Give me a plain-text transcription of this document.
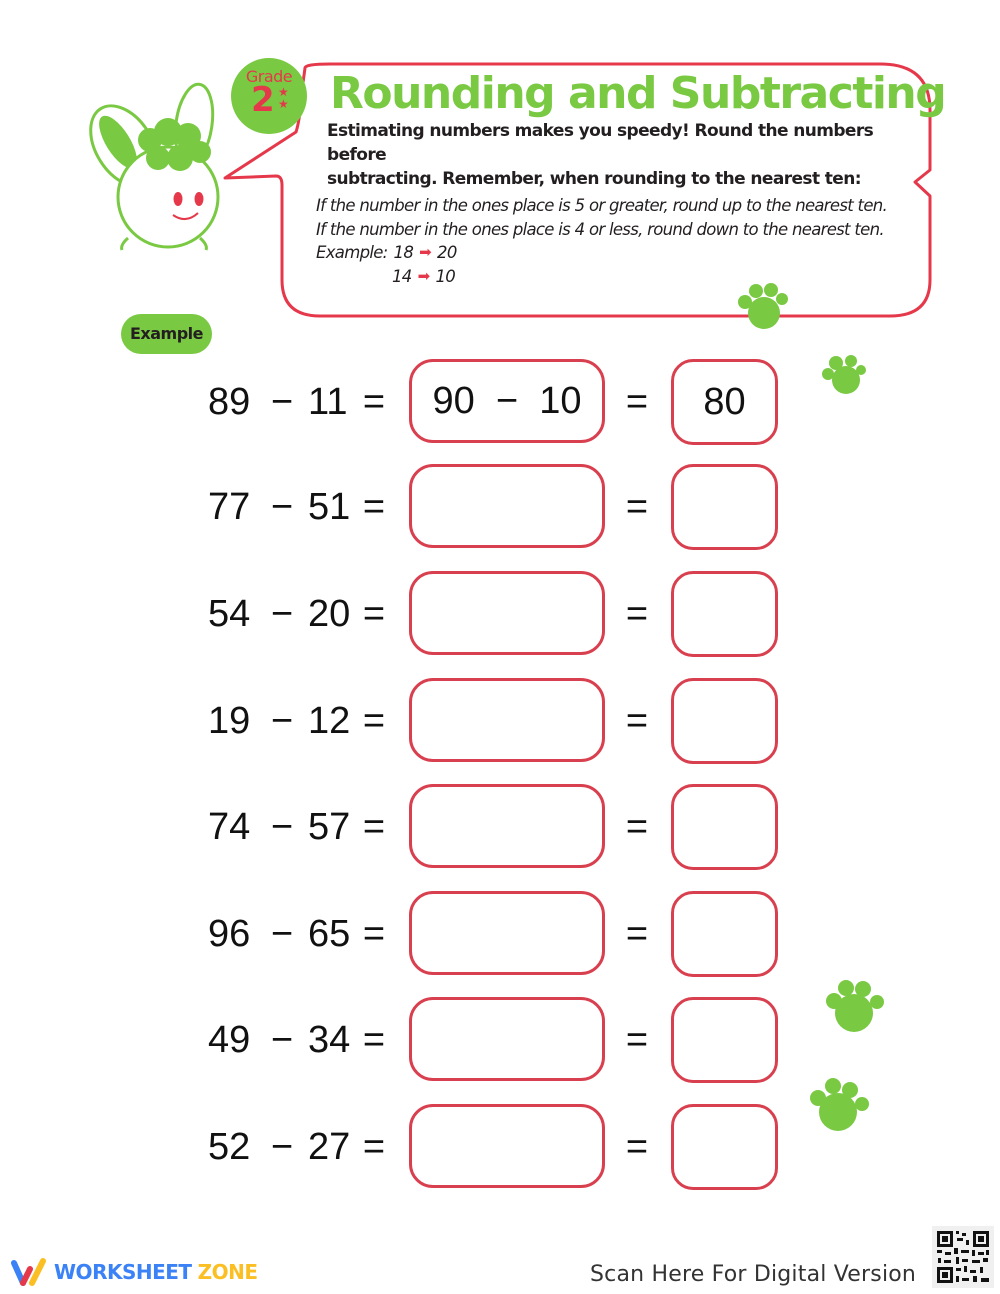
Grade
2 ★
★ Rounding and Subtracting
Estimating numbers makes you speedy! Round the numbers before
subtracting. Remember, when rounding to the nearest ten:
If the number in the ones place is 5 or greater, round up to the nearest ten.
If the number in the ones place is 4 or less, round down to the nearest ten.
Example: 18 ➡ 20
14 ➡ 10
Example
89 − 11 =	90  −  10	=	80
77 − 51 =	=
54 − 20 =	=
19 − 12 =	=
74 − 57 =	=
96 − 65 =	=
49 − 34 =	=
52 − 27 =	=
WORKSHEET ZONE	Scan Here For Digital Version
